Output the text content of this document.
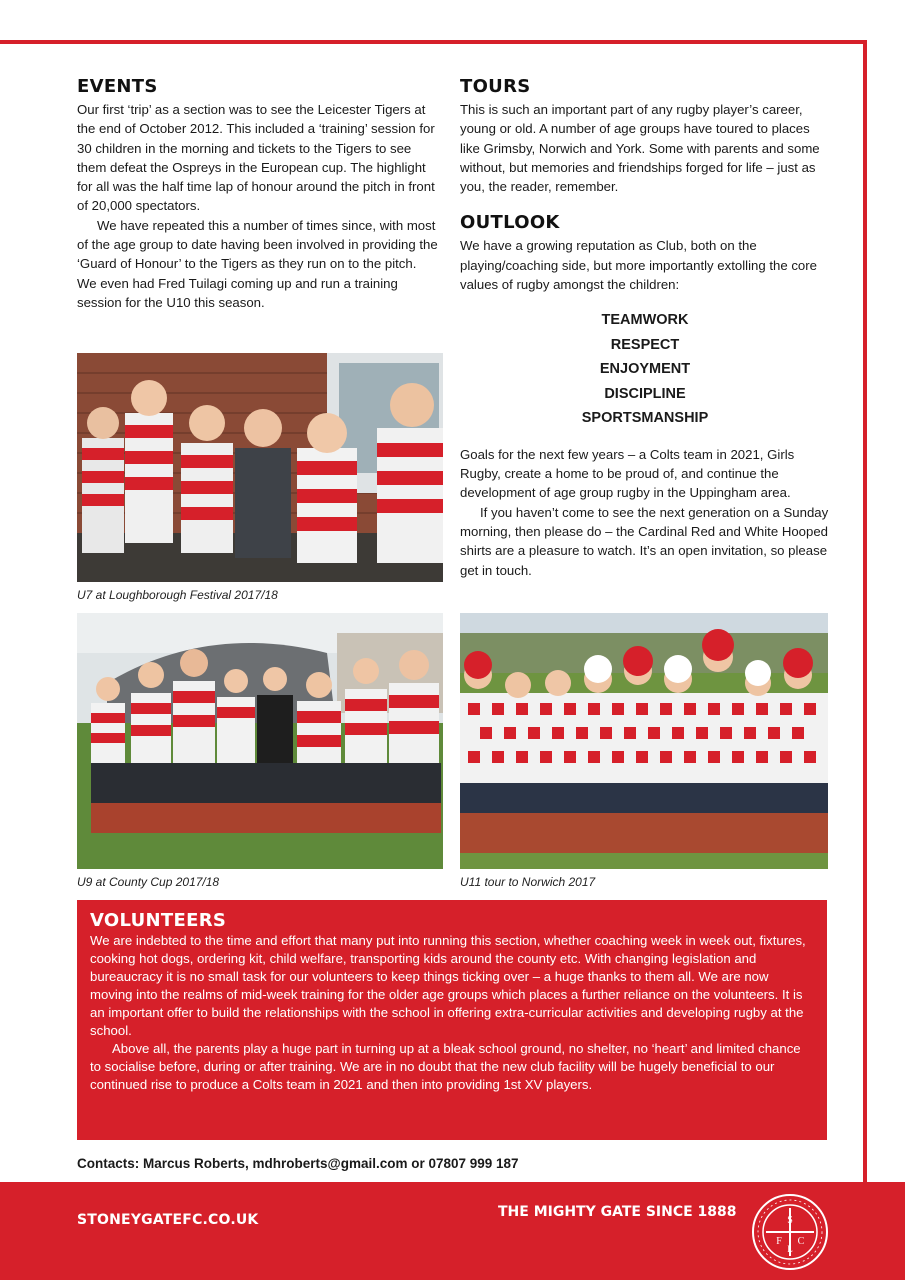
EVENTS

Our first ‘trip’ as a section was to see the Leicester Tigers at the end of October 2012. This included a ‘training’ session for 30 children in the morning and tickets to the Tigers to see them defeat the Ospreys in the European cup. The highlight for all was the half time lap of honour around the pitch in front of 20,000 spectators.

We have repeated this a number of times since, with most of the age group to date having been involved in providing the ‘Guard of Honour’ to the Tigers as they run on to the pitch. We even had Fred Tuilagi coming up and run a training session for the U10 this season.

TOURS

This is such an important part of any rugby player’s career, young or old. A number of age groups have toured to places like Grimsby, Norwich and York. Some with parents and some without, but memories and friendships forged for life – just as you, the reader, remember.

OUTLOOK

We have a growing reputation as Club, both on the playing/coaching side, but more importantly extolling the core values of rugby amongst the children:

TEAMWORK
RESPECT
ENJOYMENT
DISCIPLINE
SPORTSMANSHIP

Goals for the next few years – a Colts team in 2021, Girls Rugby, create a home to be proud of, and continue the development of age group rugby in the Uppingham area.

If you haven’t come to see the next generation on a Sunday morning, then please do – the Cardinal Red and White Hooped shirts are a pleasure to watch. It’s an open invitation, so please get in touch.

U7 at Loughborough Festival 2017/18
U9 at County Cup 2017/18	U11 tour to Norwich 2017
VOLUNTEERS

We are indebted to the time and effort that many put into running this section, whether coaching week in week out, fixtures, cooking hot dogs, ordering kit, child welfare, transporting kids around the county etc. With changing legislation and bureaucracy it is no small task for our volunteers to keep things ticking over – a huge thanks to them all. We are now moving into the realms of mid-week training for the older age groups which places a further reliance on the volunteers. It is an important offer to build the relationships with the school in offering extra-curricular activities and developing rugby at the school.

Above all, the parents play a huge part in turning up at a bleak school ground, no shelter, no ‘heart’ and limited chance to socialise before, during or after training. We are in no doubt that the new club facility will be hugely beneficial to our continued rise to produce a Colts team in 2021 and then into providing 1st XV players.

Contacts: Marcus Roberts, mdhroberts@gmail.com or 07807 999 187
STONEYGATEFC.CO.UK	THE MIGHTY GATE SINCE 1888
S
F C
L
